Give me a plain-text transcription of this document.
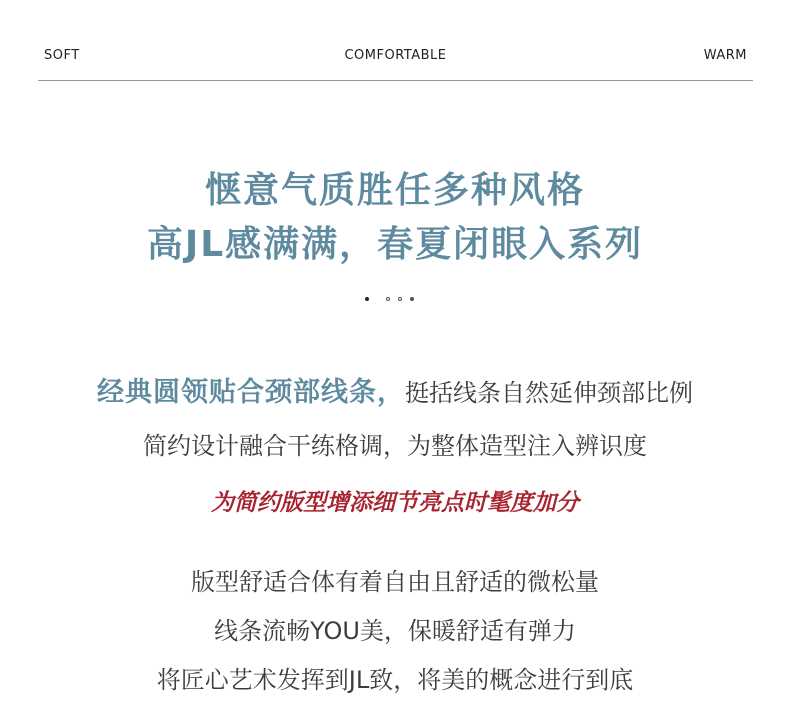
SOFT	COMFORTABLE	WARM
惬意气质胜任多种风格
高JL感满满，春夏闭眼入系列
经典圆领贴合颈部线条，挺括线条自然延伸颈部比例
简约设计融合干练格调，为整体造型注入辨识度
为简约版型增添细节亮点时髦度加分
版型舒适合体有着自由且舒适的微松量
线条流畅YOU美，保暖舒适有弹力
将匠心艺术发挥到JL致，将美的概念进行到底
